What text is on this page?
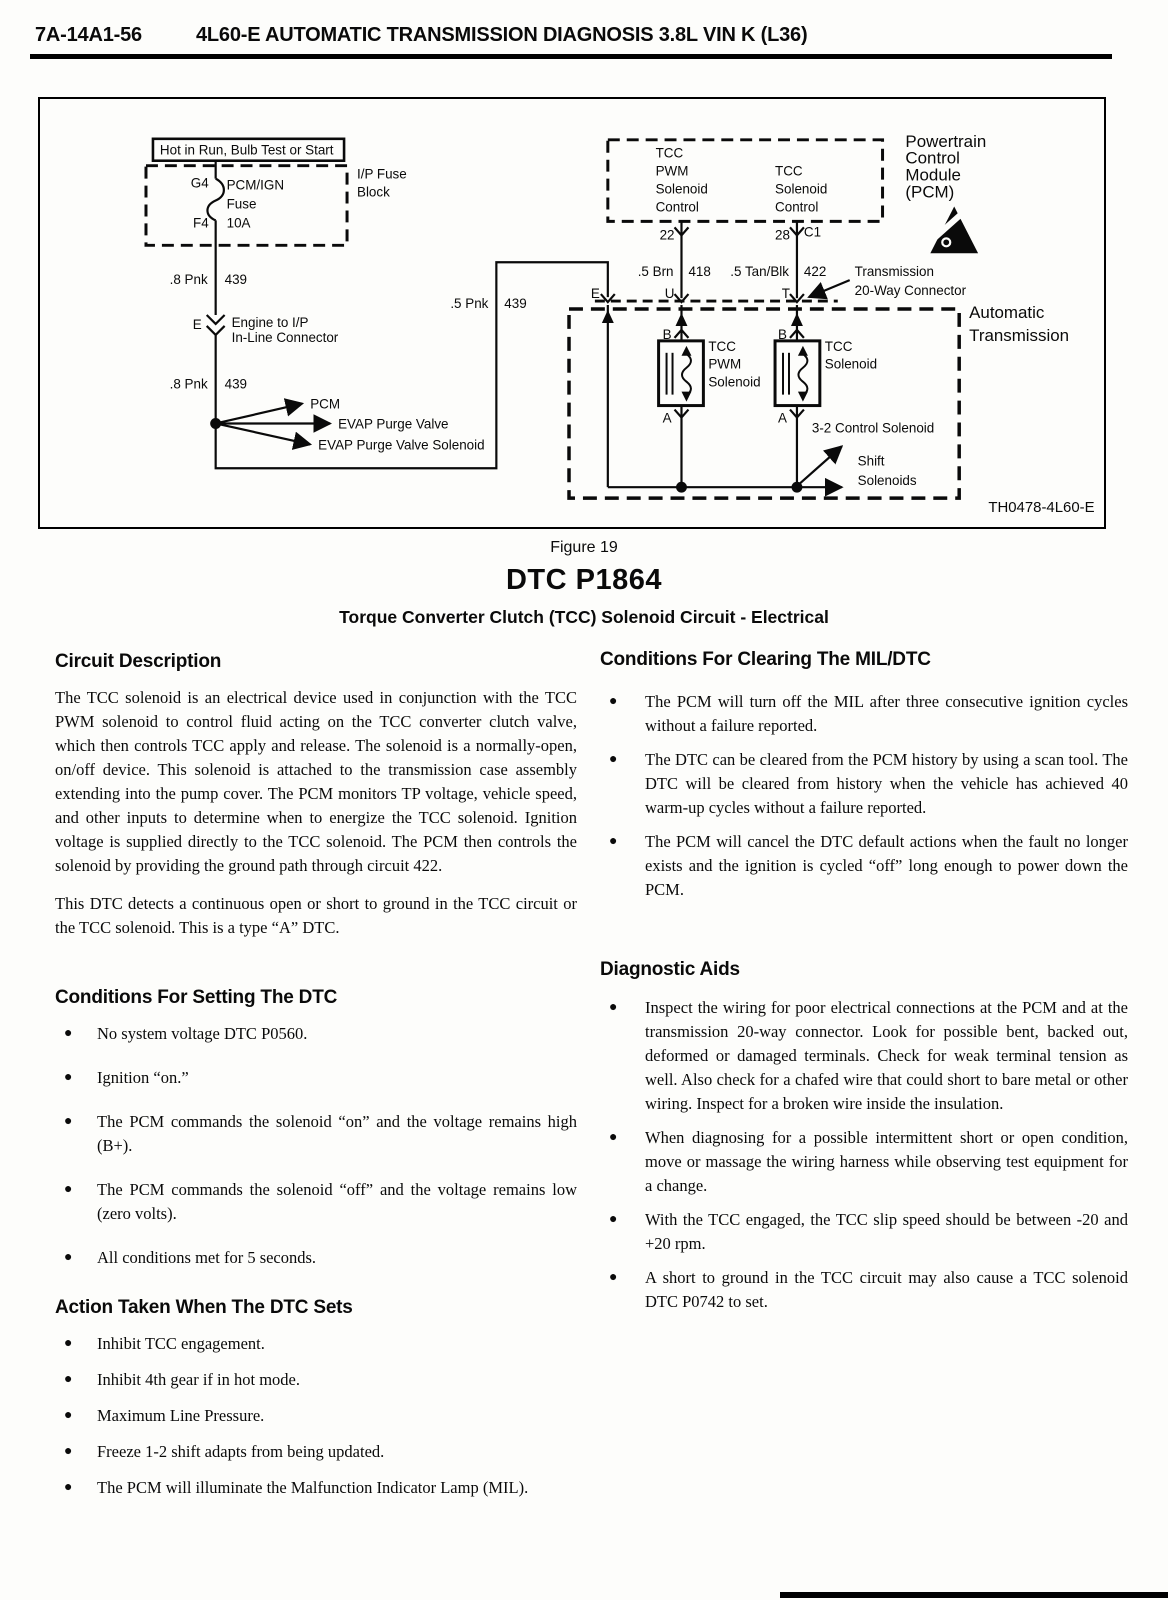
7A-14A1-56	4L60-E AUTOMATIC TRANSMISSION DIAGNOSIS 3.8L VIN K (L36)
Hot in Run, Bulb Test or Start
I/P Fuse
Block
G4 PCM/IGN
Fuse
F4 10A
.8 Pnk 439
E Engine to I/P
In-Line Connector
.8 Pnk 439
PCM
EVAP Purge Valve
EVAP Purge Valve Solenoid
.5 Pnk 439
TCC
PWM
Solenoid
Control
TCC
Solenoid
Control
22	28 C1
.5 Brn 418 .5 Tan/Blk 422 Transmission
20-Way Connector
E	U	T
B	B
A	A
TCC
PWM
Solenoid
TCC
Solenoid
3-2 Control Solenoid
Shift
Solenoids
Automatic
Transmission
Powertrain
Control
Module
(PCM)
TH0478-4L60-E
Figure 19
DTC P1864
Torque Converter Clutch (TCC) Solenoid Circuit - Electrical
Circuit Description

The TCC solenoid is an electrical device used in conjunction with the TCC PWM solenoid to control fluid acting on the TCC converter clutch valve, which then controls TCC apply and release. The solenoid is a normally-open, on/off device. This solenoid is attached to the transmission case assembly extending into the pump cover. The PCM monitors TP voltage, vehicle speed, and other inputs to determine when to energize the TCC solenoid. Ignition voltage is supplied directly to the TCC solenoid. The PCM then controls the solenoid by providing the ground path through circuit 422.

This DTC detects a continuous open or short to ground in the TCC circuit or the TCC solenoid. This is a type “A” DTC.

Conditions For Setting The DTC
● No system voltage DTC P0560.
● Ignition “on.”
● The PCM commands the solenoid “on” and the voltage remains high (B+).
● The PCM commands the solenoid “off” and the voltage remains low (zero volts).
● All conditions met for 5 seconds.
Action Taken When The DTC Sets
● Inhibit TCC engagement.
● Inhibit 4th gear if in hot mode.
● Maximum Line Pressure.
● Freeze 1-2 shift adapts from being updated.
● The PCM will illuminate the Malfunction Indicator Lamp (MIL).
Conditions For Clearing The MIL/DTC
● The PCM will turn off the MIL after three consecutive ignition cycles without a failure reported.
● The DTC can be cleared from the PCM history by using a scan tool. The DTC will be cleared from history when the vehicle has achieved 40 warm-up cycles without a failure reported.
● The PCM will cancel the DTC default actions when the fault no longer exists and the ignition is cycled “off” long enough to power down the PCM.
Diagnostic Aids
● Inspect the wiring for poor electrical connections at the PCM and at the transmission 20-way connector. Look for possible bent, backed out, deformed or damaged terminals. Check for weak terminal tension as well. Also check for a chafed wire that could short to bare metal or other wiring. Inspect for a broken wire inside the insulation.
● When diagnosing for a possible intermittent short or open condition, move or massage the wiring harness while observing test equipment for a change.
● With the TCC engaged, the TCC slip speed should be between -20 and +20 rpm.
● A short to ground in the TCC circuit may also cause a TCC solenoid DTC P0742 to set.
